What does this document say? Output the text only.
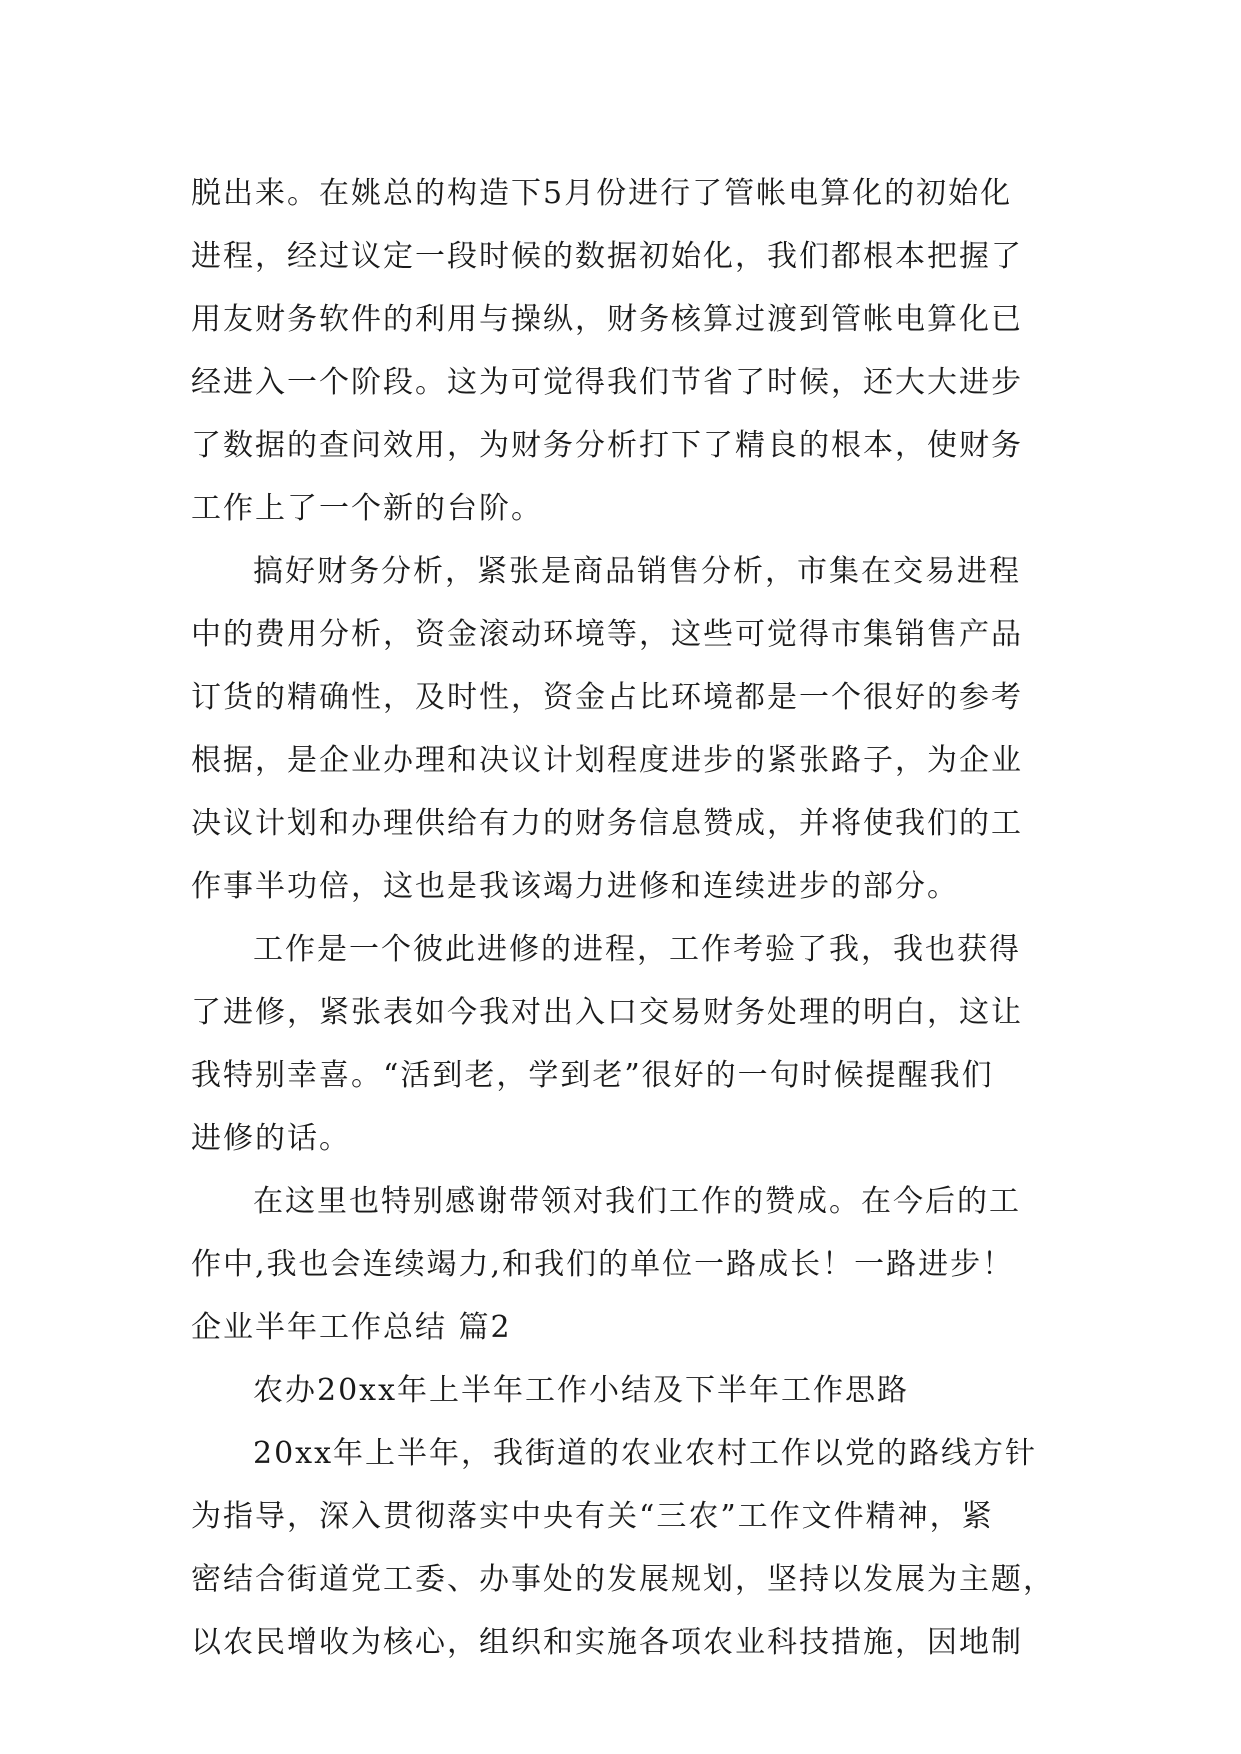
脱出来。在姚总的构造下5月份进行了管帐电算化的初始化
进程，经过议定一段时候的数据初始化，我们都根本把握了
用友财务软件的利用与操纵，财务核算过渡到管帐电算化已
经进入一个阶段。这为可觉得我们节省了时候，还大大进步
了数据的查问效用，为财务分析打下了精良的根本，使财务
工作上了一个新的台阶。
搞好财务分析，紧张是商品销售分析，市集在交易进程
中的费用分析，资金滚动环境等，这些可觉得市集销售产品
订货的精确性，及时性，资金占比环境都是一个很好的参考
根据，是企业办理和决议计划程度进步的紧张路子，为企业
决议计划和办理供给有力的财务信息赞成，并将使我们的工
作事半功倍，这也是我该竭力进修和连续进步的部分。
工作是一个彼此进修的进程，工作考验了我，我也获得
了进修，紧张表如今我对出入口交易财务处理的明白，这让
我特别幸喜。“活到老，学到老”很好的一句时候提醒我们
进修的话。
在这里也特别感谢带领对我们工作的赞成。在今后的工
作中,我也会连续竭力,和我们的单位一路成长！一路进步！
企业半年工作总结 篇2
农办20xx年上半年工作小结及下半年工作思路
20xx年上半年，我街道的农业农村工作以党的路线方针
为指导，深入贯彻落实中央有关“三农”工作文件精神，紧
密结合街道党工委、办事处的发展规划，坚持以发展为主题，
以农民增收为核心，组织和实施各项农业科技措施，因地制
